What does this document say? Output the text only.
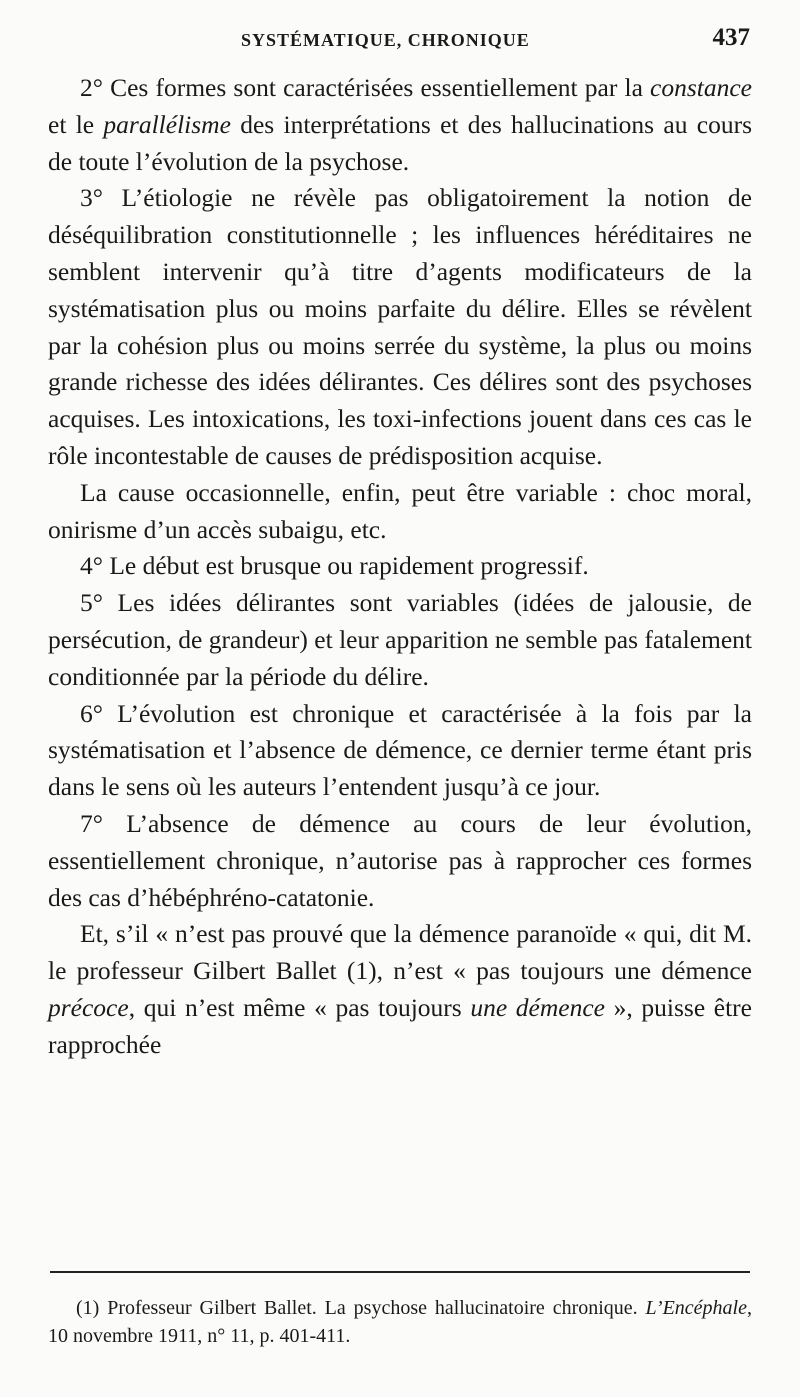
SYSTÉMATIQUE, CHRONIQUE	437

2° Ces formes sont caractérisées essentiellement par la constance et le parallélisme des interprétations et des hallucinations au cours de toute l’évolution de la psychose.

3° L’étiologie ne révèle pas obligatoirement la notion de déséquilibration constitutionnelle ; les influences héréditaires ne semblent intervenir qu’à titre d’agents modificateurs de la systématisation plus ou moins parfaite du délire. Elles se révèlent par la cohésion plus ou moins serrée du système, la plus ou moins grande richesse des idées délirantes. Ces délires sont des psychoses acquises. Les intoxications, les toxi-infections jouent dans ces cas le rôle incontestable de causes de prédisposition acquise.

La cause occasionnelle, enfin, peut être variable : choc moral, onirisme d’un accès subaigu, etc.

4° Le début est brusque ou rapidement progressif.

5° Les idées délirantes sont variables (idées de jalousie, de persécution, de grandeur) et leur apparition ne semble pas fatalement conditionnée par la période du délire.

6° L’évolution est chronique et caractérisée à la fois par la systématisation et l’absence de démence, ce dernier terme étant pris dans le sens où les auteurs l’entendent jusqu’à ce jour.

7° L’absence de démence au cours de leur évolution, essentiellement chronique, n’autorise pas à rapprocher ces formes des cas d’hébéphréno-catatonie.

Et, s’il « n’est pas prouvé que la démence paranoïde « qui, dit M. le professeur Gilbert Ballet (1), n’est « pas toujours une démence précoce, qui n’est même « pas toujours une démence », puisse être rapprochée

(1) Professeur Gilbert Ballet. La psychose hallucinatoire chronique. L’Encéphale, 10 novembre 1911, n° 11, p. 401-411.
